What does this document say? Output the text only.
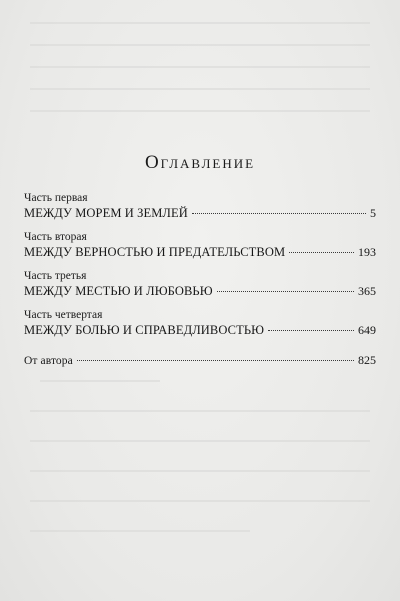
Оглавление
Часть первая
МЕЖДУ МОРЕМ И ЗЕМЛЕЙ	5
Часть вторая
МЕЖДУ ВЕРНОСТЬЮ И ПРЕДАТЕЛЬСТВОМ	193
Часть третья
МЕЖДУ МЕСТЬЮ И ЛЮБОВЬЮ	365
Часть четвертая
МЕЖДУ БОЛЬЮ И СПРАВЕДЛИВОСТЬЮ	649
От автора	825
